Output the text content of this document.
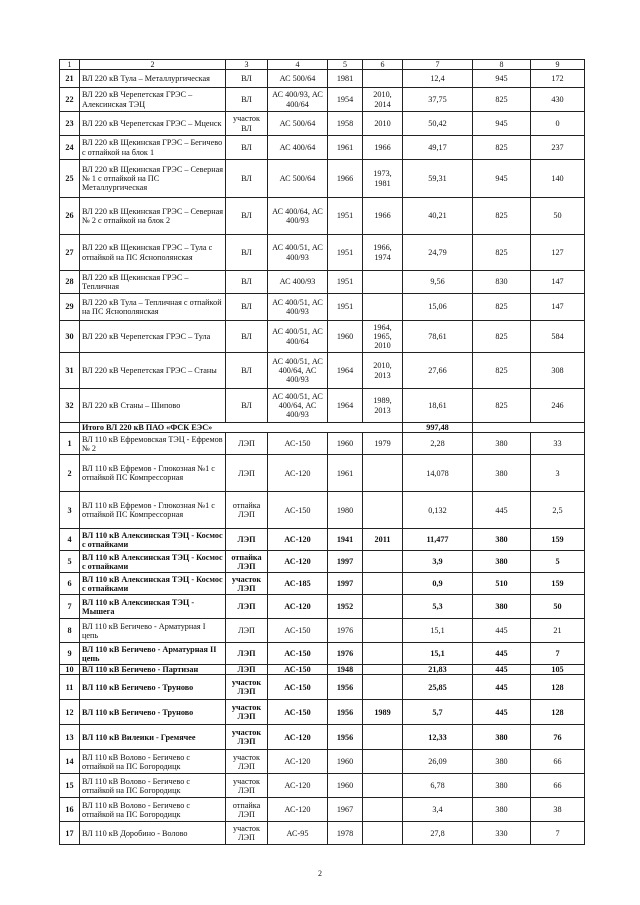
1	2	3	4	5	6	7	8	9
21	ВЛ 220 кВ Тула – Металлургическая	ВЛ	АС 500/64	1981		12,4	945	172
22	ВЛ 220 кВ Черепетская ГРЭС – Алексинская ТЭЦ	ВЛ	АС 400/93, АС 400/64	1954	2010, 2014	37,75	825	430
23	ВЛ 220 кВ Черепетская ГРЭС – Мценск	участок ВЛ	АС 500/64	1958	2010	50,42	945	0
24	ВЛ 220 кВ Щекинская ГРЭС – Бегичево с отпайкой на блок 1	ВЛ	АС 400/64	1961	1966	49,17	825	237
25	ВЛ 220 кВ Щекинская ГРЭС – Северная № 1 с отпайкой на ПС Металлургическая	ВЛ	АС 500/64	1966	1973, 1981	59,31	945	140
26	ВЛ 220 кВ Щекинская ГРЭС – Северная № 2 с отпайкой на блок 2	ВЛ	АС 400/64, АС 400/93	1951	1966	40,21	825	50
27	ВЛ 220 кВ Щекинская ГРЭС – Тула с отпайкой на ПС Яснополянская	ВЛ	АС 400/51, АС 400/93	1951	1966, 1974	24,79	825	127
28	ВЛ 220 кВ Щекинская ГРЭС – Тепличная	ВЛ	АС 400/93	1951		9,56	830	147
29	ВЛ 220 кВ Тула – Тепличная с отпайкой на ПС Яснополянская	ВЛ	АС 400/51, АС 400/93	1951		15,06	825	147
30	ВЛ 220 кВ Черепетская ГРЭС – Тула	ВЛ	АС 400/51, АС 400/64	1960	1964, 1965, 2010	78,61	825	584
31	ВЛ 220 кВ Черепетская ГРЭС – Станы	ВЛ	АС 400/51, АС 400/64, АС 400/93	1964	2010, 2013	27,66	825	308
32	ВЛ 220 кВ Станы – Шипово	ВЛ	АС 400/51, АС 400/64, АС 400/93	1964	1989, 2013	18,61	825	246
	Итого ВЛ 220 кВ ПАО «ФСК ЕЭС»					997,48		
1	ВЛ 110 кВ Ефремовская ТЭЦ - Ефремов № 2	ЛЭП	АС-150	1960	1979	2,28	380	33
2	ВЛ 110 кВ Ефремов - Глюкозная №1 с отпайкой ПС Компрессорная	ЛЭП	АС-120	1961		14,078	380	3
3	ВЛ 110 кВ Ефремов - Глюкозная №1 с отпайкой ПС Компрессорная	отпайка ЛЭП	АС-150	1980		0,132	445	2,5
4	ВЛ 110 кВ Алексинская ТЭЦ - Космос с отпайками	ЛЭП	АС-120	1941	2011	11,477	380	159
5	ВЛ 110 кВ Алексинская ТЭЦ - Космос с отпайками	отпайка ЛЭП	АС-120	1997		3,9	380	5
6	ВЛ 110 кВ Алексинская ТЭЦ - Космос с отпайками	участок ЛЭП	АС-185	1997		0,9	510	159
7	ВЛ 110 кВ Алексинская ТЭЦ - Мышега	ЛЭП	АС-120	1952		5,3	380	50
8	ВЛ 110 кВ Бегичево - Арматурная I цепь	ЛЭП	АС-150	1976		15,1	445	21
9	ВЛ 110 кВ Бегичево - Арматурная II цепь	ЛЭП	АС-150	1976		15,1	445	7
10	ВЛ 110 кВ Бегичево - Партизан	ЛЭП	АС-150	1948		21,83	445	105
11	ВЛ 110 кВ Бегичево - Труново	участок ЛЭП	АС-150	1956		25,85	445	128
12	ВЛ 110 кВ Бегичево - Труново	участок ЛЭП	АС-150	1956	1989	5,7	445	128
13	ВЛ 110 кВ Вилеики - Гремячее	участок ЛЭП	АС-120	1956		12,33	380	76
14	ВЛ 110 кВ Волово - Бегичево с отпайкой на ПС Богородицк	участок ЛЭП	АС-120	1960		26,09	380	66
15	ВЛ 110 кВ Волово - Бегичево с отпайкой на ПС Богородицк	участок ЛЭП	АС-120	1960		6,78	380	66
16	ВЛ 110 кВ Волово - Бегичево с отпайкой на ПС Богородицк	отпайка ЛЭП	АС-120	1967		3,4	380	38
17	ВЛ 110 кВ Доробино - Волово	участок ЛЭП	АС-95	1978		27,8	330	7
2
